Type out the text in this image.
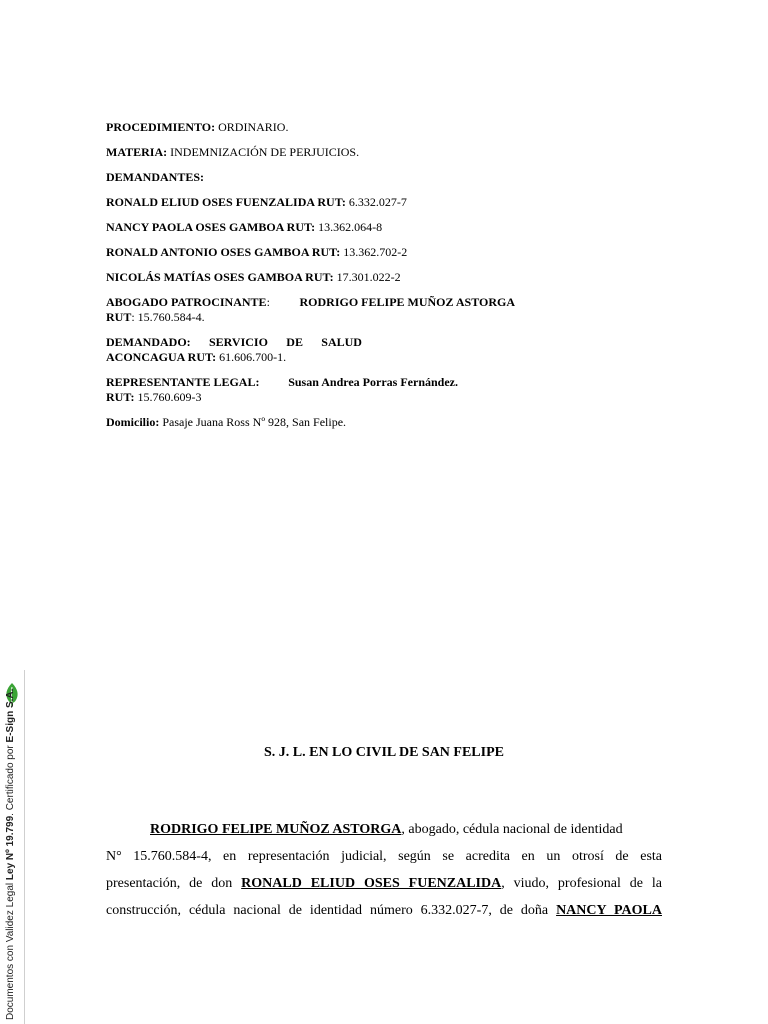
PROCEDIMIENTO: ORDINARIO.
MATERIA: INDEMNIZACIÓN DE PERJUICIOS.
DEMANDANTES:
RONALD ELIUD OSES FUENZALIDA RUT: 6.332.027-7
NANCY PAOLA OSES GAMBOA RUT: 13.362.064-8
RONALD ANTONIO OSES GAMBOA RUT: 13.362.702-2
NICOLÁS MATÍAS OSES GAMBOA RUT: 17.301.022-2
ABOGADO PATROCINANTE: RODRIGO FELIPE MUÑOZ ASTORGA
RUT: 15.760.584-4.
DEMANDADO: SERVICIO DE SALUD
ACONCAGUA RUT: 61.606.700-1.
REPRESENTANTE LEGAL: Susan Andrea Porras Fernández.
RUT: 15.760.609-3
Domicilio: Pasaje Juana Ross Nº 928, San Felipe.
S. J. L. EN LO CIVIL DE SAN FELIPE
RODRIGO FELIPE MUÑOZ ASTORGA, abogado, cédula nacional de identidad
N° 15.760.584-4, en representación judicial, según se acredita en un otrosí de esta
presentación, de don RONALD ELIUD OSES FUENZALIDA, viudo, profesional de la
construcción, cédula nacional de identidad número 6.332.027-7, de doña NANCY PAOLA
Documentos con Validez Legal Ley Nº 19.799. Certificado por E-Sign S.A.
